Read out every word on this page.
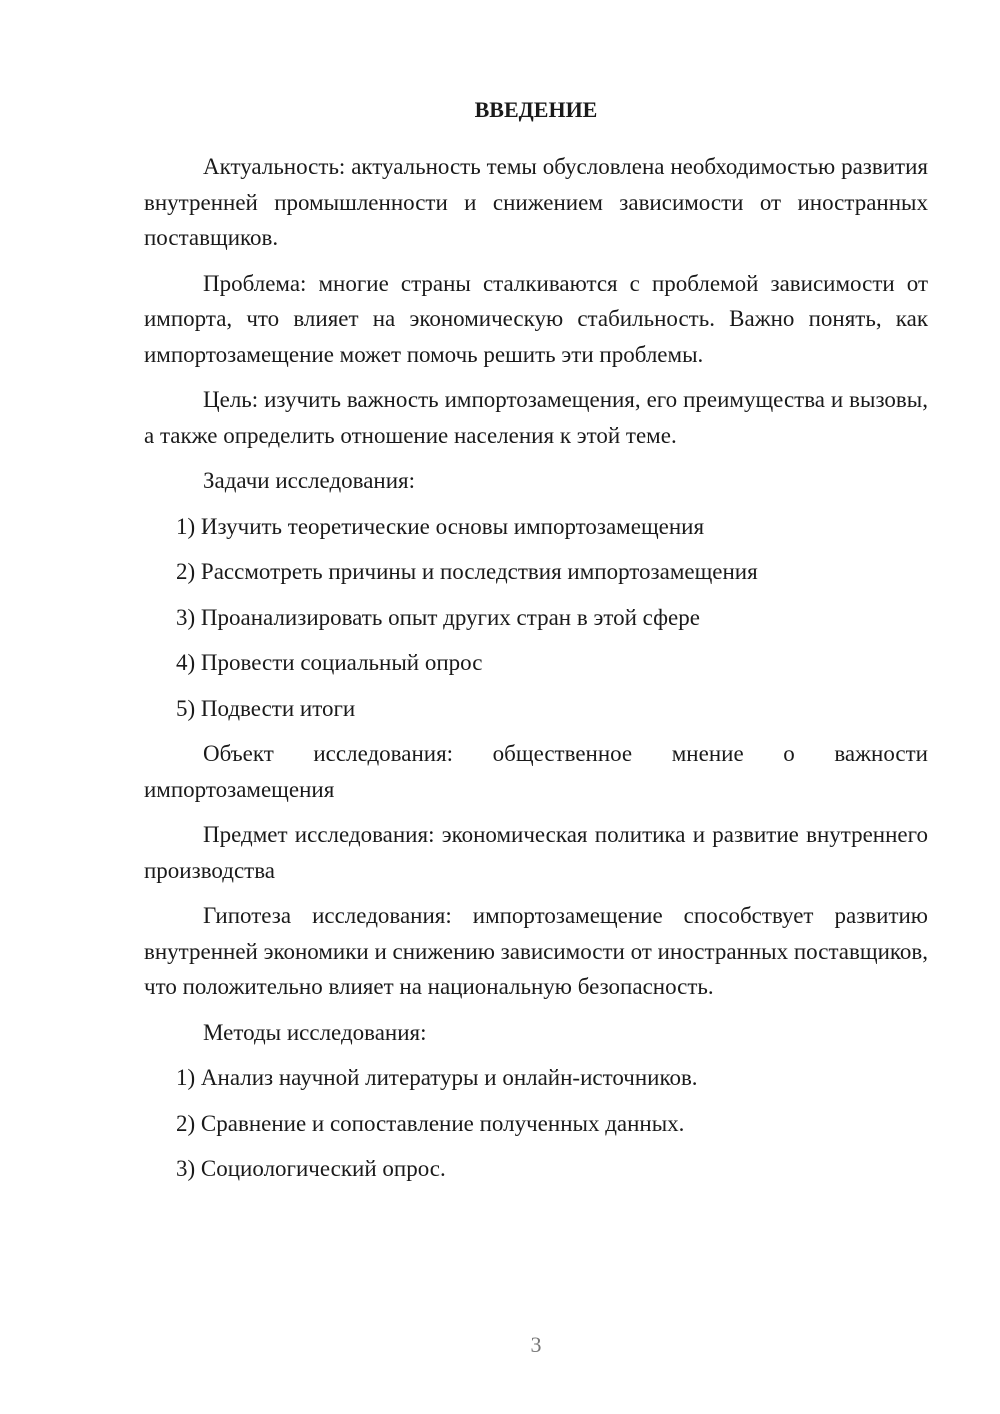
ВВЕДЕНИЕ

Актуальность: актуальность темы обусловлена необходимостью развития внутренней промышленности и снижением зависимости от иностранных поставщиков.

Проблема: многие страны сталкиваются с проблемой зависимости от импорта, что влияет на экономическую стабильность. Важно понять, как импортозамещение может помочь решить эти проблемы.

Цель: изучить важность импортозамещения, его преимущества и вызовы, а также определить отношение населения к этой теме.

Задачи исследования:

1) Изучить теоретические основы импортозамещения
2) Рассмотреть причины и последствия импортозамещения
3) Проанализировать опыт других стран в этой сфере
4) Провести социальный опрос
5) Подвести итоги

Объект исследования: общественное мнение о важности импортозамещения

Предмет исследования: экономическая политика и развитие внутреннего производства

Гипотеза исследования: импортозамещение способствует развитию внутренней экономики и снижению зависимости от иностранных поставщиков, что положительно влияет на национальную безопасность.

Методы исследования:

1) Анализ научной литературы и онлайн-источников.
2) Сравнение и сопоставление полученных данных.
3) Социологический опрос.
3
